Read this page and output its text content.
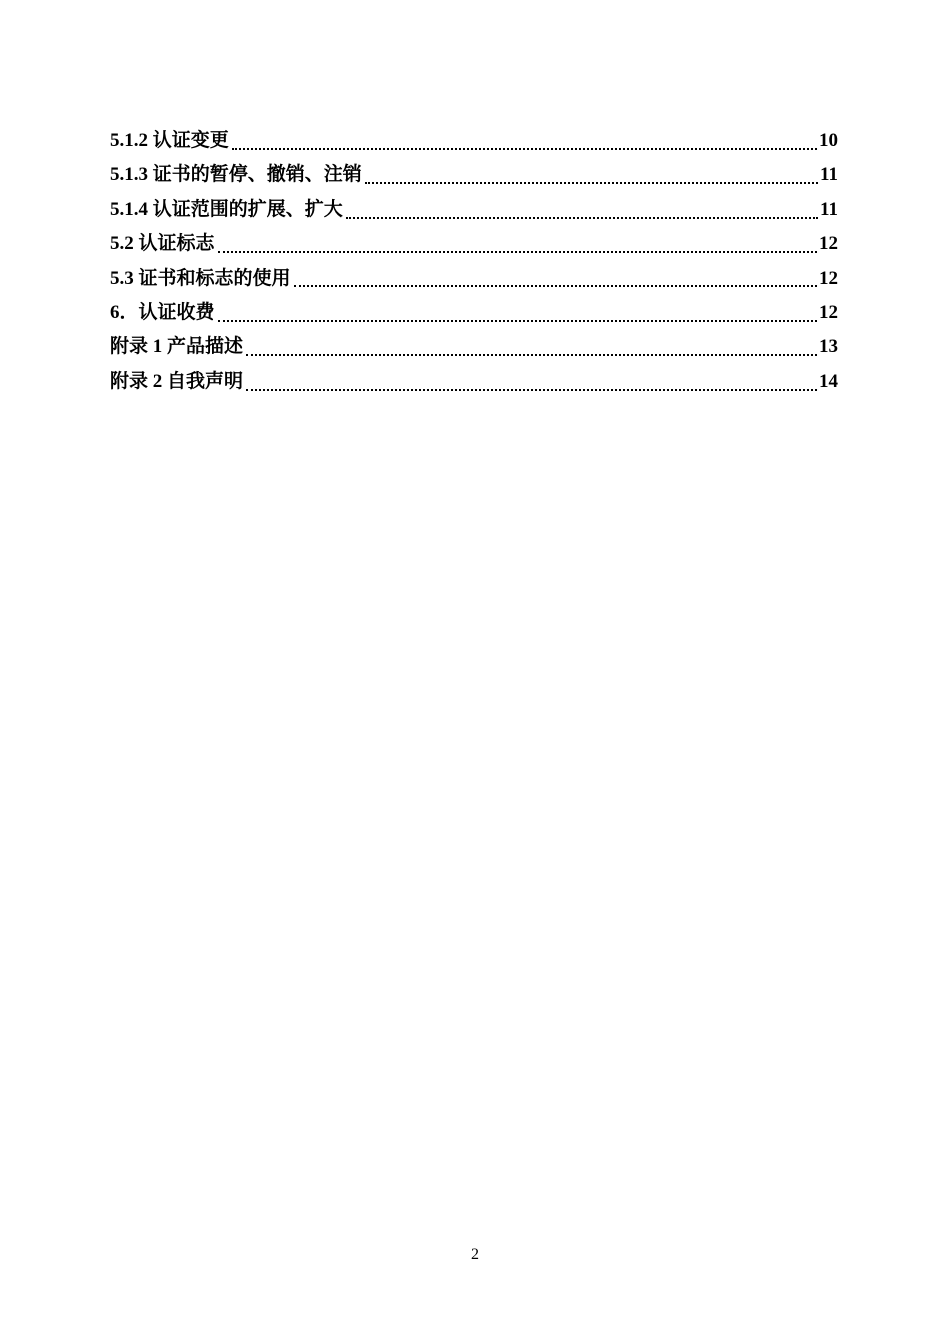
5.1.2 认证变更	10
5.1.3 证书的暂停、撤销、注销	11
5.1.4 认证范围的扩展、扩大	11
5.2 认证标志	12
5.3 证书和标志的使用	12
6．认证收费	12
附录 1 产品描述	13
附录 2 自我声明	14
2
